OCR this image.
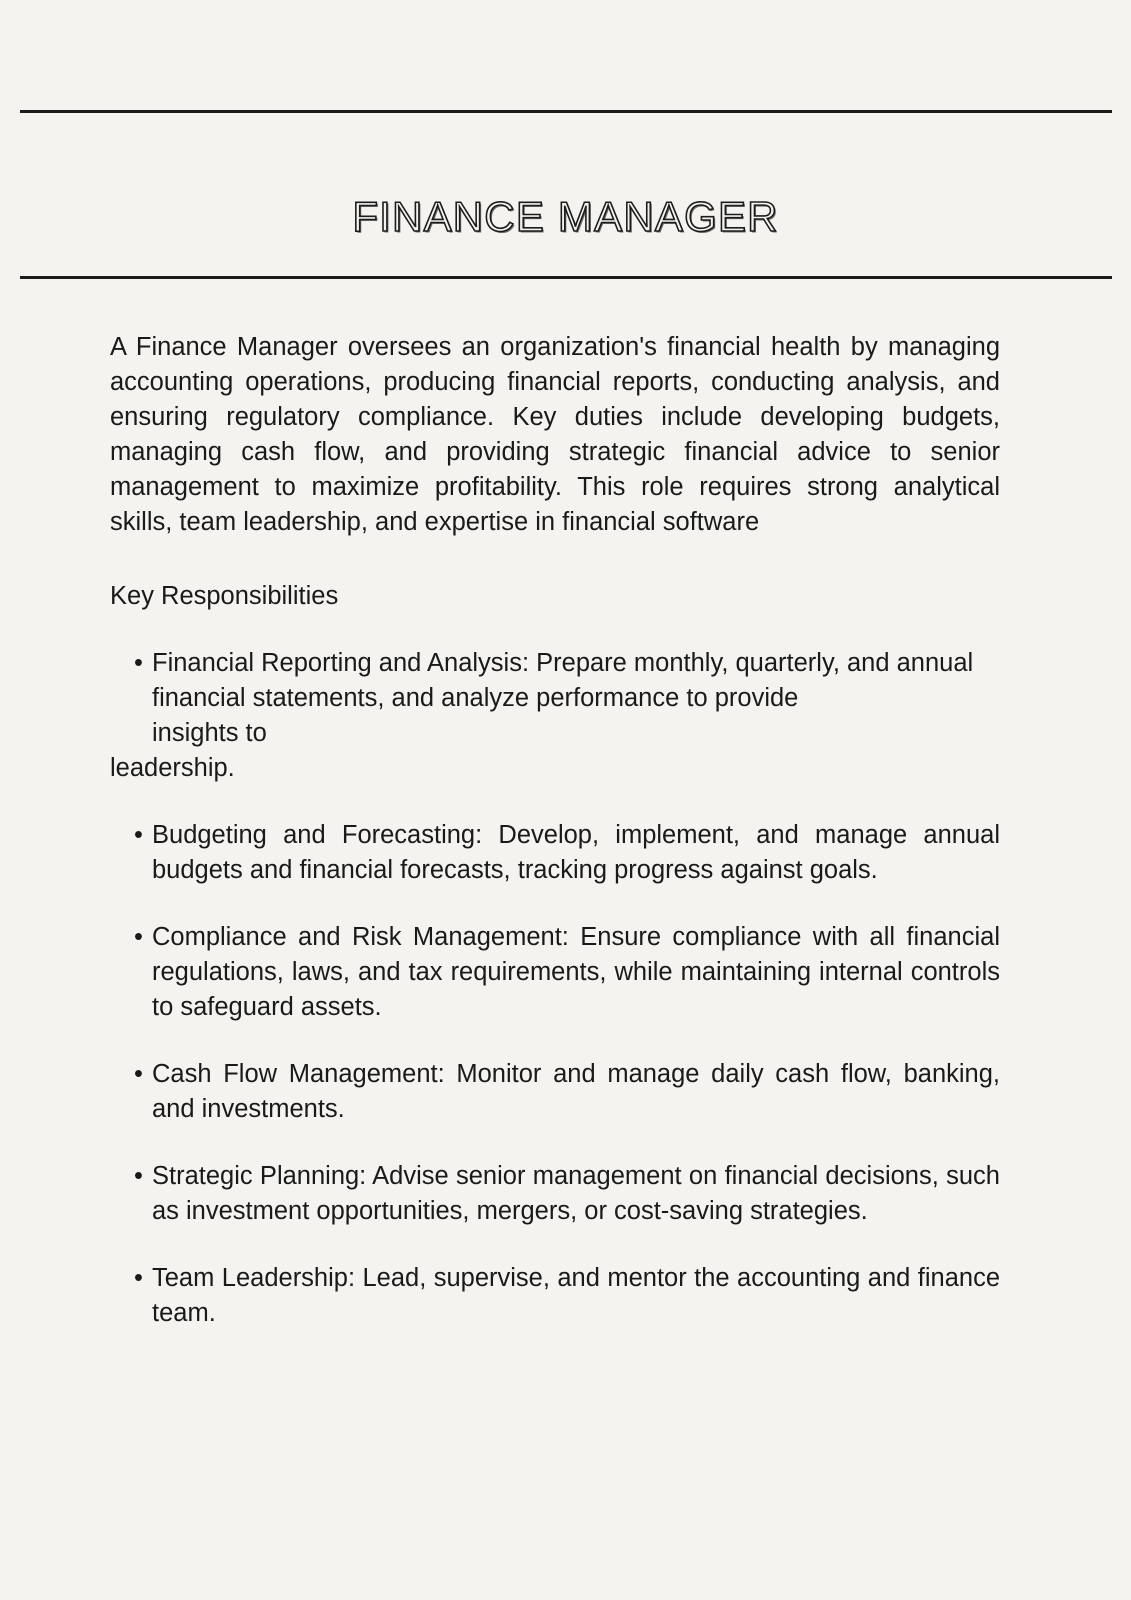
FINANCE MANAGER

A Finance Manager oversees an organization's financial health by managing accounting operations, producing financial reports, conducting analysis, and ensuring regulatory compliance. Key duties include developing budgets, managing cash flow, and providing strategic financial advice to senior management to maximize profitability. This role requires strong analytical skills, team leadership, and expertise in financial software

Key Responsibilities
• Financial Reporting and Analysis: Prepare monthly, quarterly, and annual
financial statements, and analyze performance to provideinsights to
leadership.
• Budgeting and Forecasting: Develop, implement, and manage annual budgets and financial forecasts, tracking progress against goals.
• Compliance and Risk Management: Ensure compliance with all financial regulations, laws, and tax requirements, while maintaining internal controls to safeguard assets.
• Cash Flow Management: Monitor and manage daily cash flow, banking, and investments.
• Strategic Planning: Advise senior management on financial decisions, such as investment opportunities, mergers, or cost-saving strategies.
• Team Leadership: Lead, supervise, and mentor the accounting and finance team.
